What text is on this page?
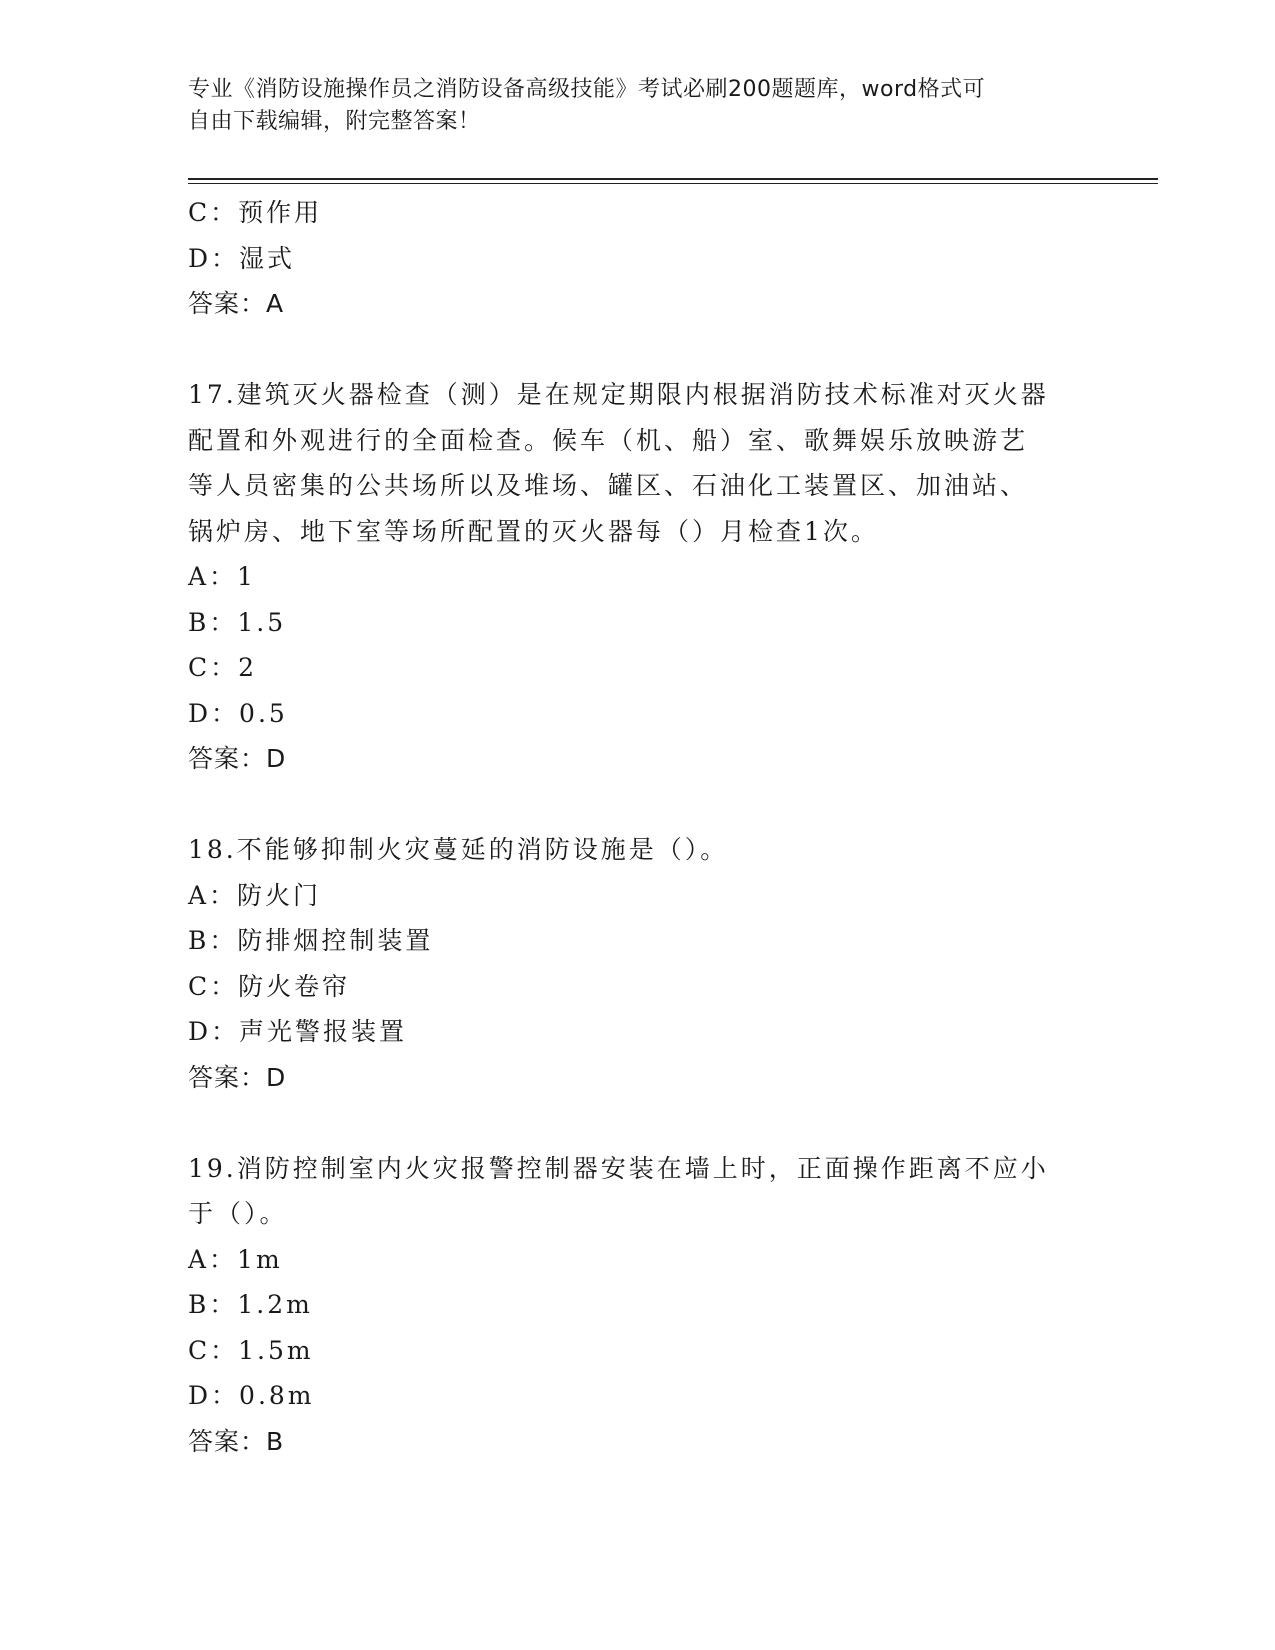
专业《消防设施操作员之消防设备高级技能》考试必刷200题题库，word格式可
自由下载编辑，附完整答案！
C：预作用
D：湿式
答案：A
17.建筑灭火器检查（测）是在规定期限内根据消防技术标准对灭火器
配置和外观进行的全面检查。候车（机、船）室、歌舞娱乐放映游艺
等人员密集的公共场所以及堆场、罐区、石油化工装置区、加油站、
锅炉房、地下室等场所配置的灭火器每（）月检查1次。
A：1
B：1.5
C：2
D：0.5
答案：D
18.不能够抑制火灾蔓延的消防设施是（）。
A：防火门
B：防排烟控制装置
C：防火卷帘
D：声光警报装置
答案：D
19.消防控制室内火灾报警控制器安装在墙上时，正面操作距离不应小
于（）。
A：1m
B：1.2m
C：1.5m
D：0.8m
答案：B
